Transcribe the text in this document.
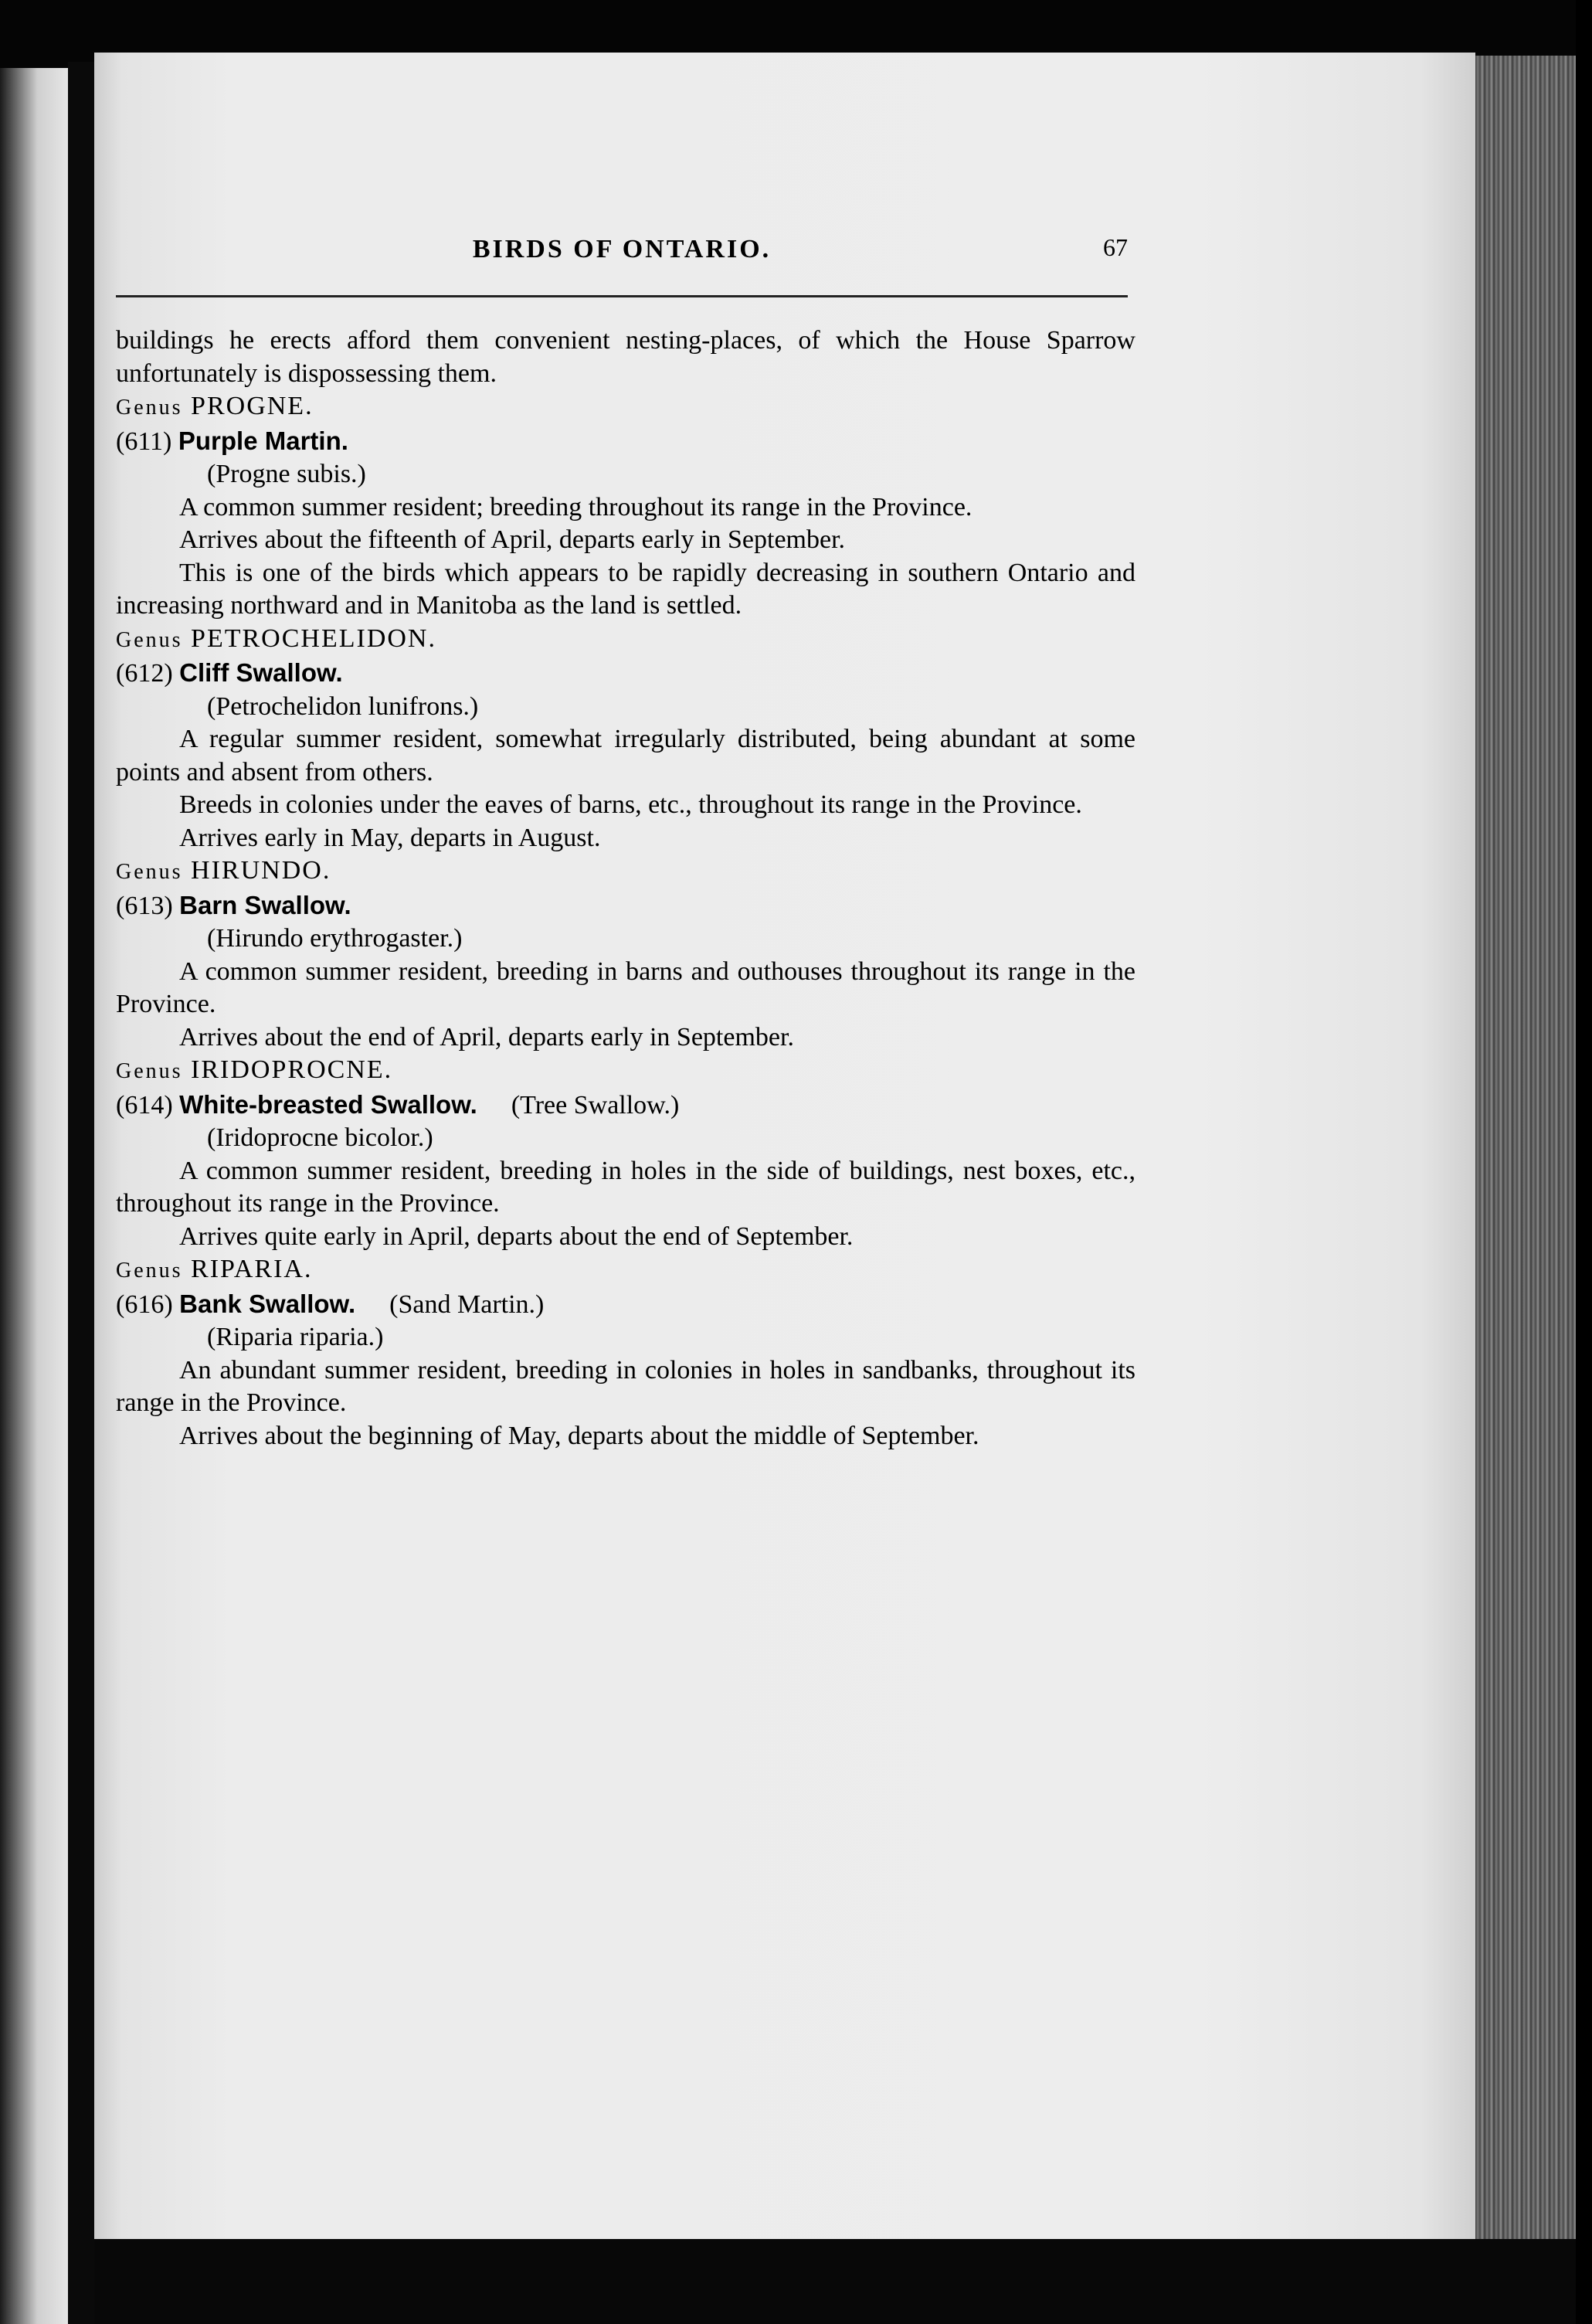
BIRDS OF ONTARIO.	67

buildings he erects afford them convenient nesting-places, of which the House Sparrow unfortunately is dispossessing them.

Genus PROGNE.

(611) Purple Martin.

(Progne subis.)

A common summer resident; breeding throughout its range in the Province.

Arrives about the fifteenth of April, departs early in September.

This is one of the birds which appears to be rapidly decreasing in southern Ontario and increasing northward and in Manitoba as the land is settled.

Genus PETROCHELIDON.

(612) Cliff Swallow.

(Petrochelidon lunifrons.)

A regular summer resident, somewhat irregularly distributed, being abundant at some points and absent from others.

Breeds in colonies under the eaves of barns, etc., throughout its range in the Province.

Arrives early in May, departs in August.

Genus HIRUNDO.

(613) Barn Swallow.

(Hirundo erythrogaster.)

A common summer resident, breeding in barns and outhouses throughout its range in the Province.

Arrives about the end of April, departs early in September.

Genus IRIDOPROCNE.

(614) White-breasted Swallow. (Tree Swallow.)

(Iridoprocne bicolor.)

A common summer resident, breeding in holes in the side of buildings, nest boxes, etc., throughout its range in the Province.

Arrives quite early in April, departs about the end of September.

Genus RIPARIA.

(616) Bank Swallow. (Sand Martin.)

(Riparia riparia.)

An abundant summer resident, breeding in colonies in holes in sandbanks, throughout its range in the Province.

Arrives about the beginning of May, departs about the middle of September.
